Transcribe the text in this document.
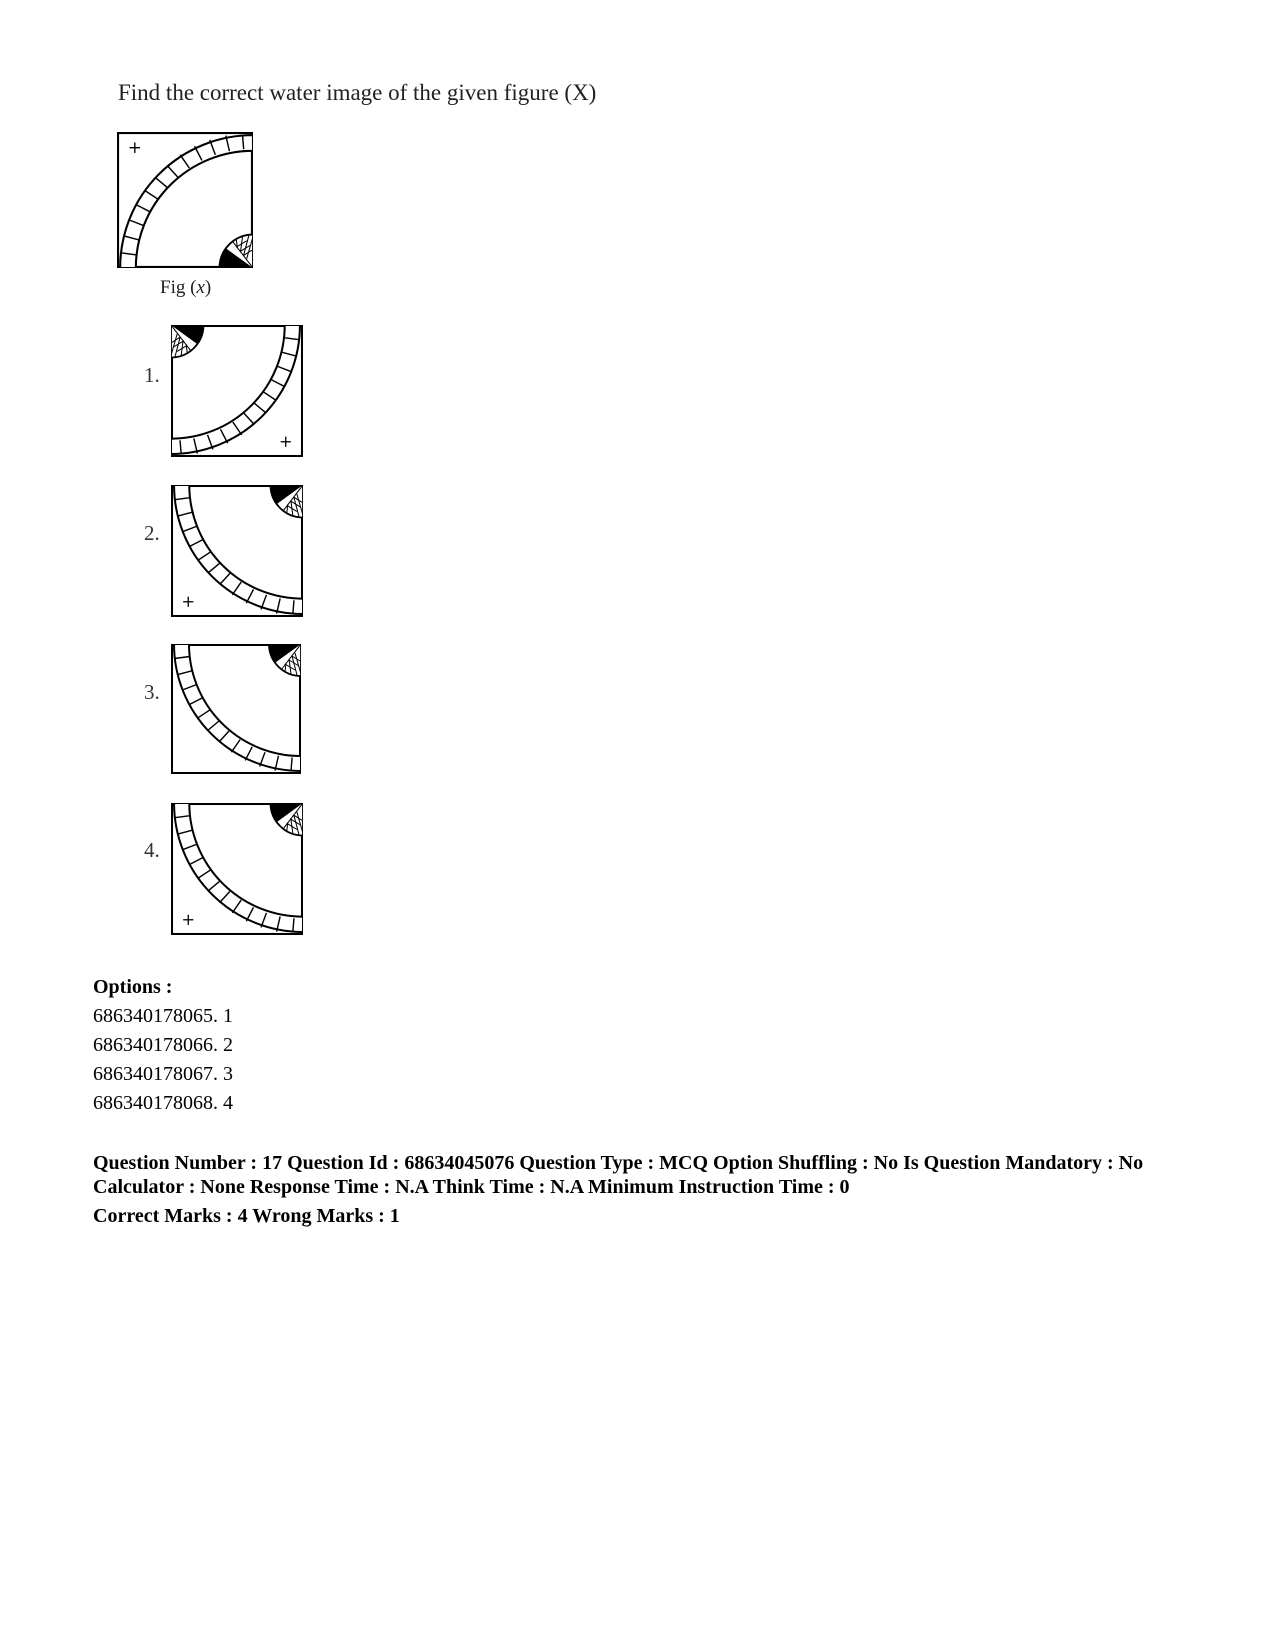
Find the correct water image of the given figure (X)
Fig (x)
1.
2.
3.
4.
Options :
686340178065. 1
686340178066. 2
686340178067. 3
686340178068. 4
Question Number : 17 Question Id : 68634045076 Question Type : MCQ Option Shuffling : No Is Question Mandatory : No Calculator : None Response Time : N.A Think Time : N.A Minimum Instruction Time : 0
Correct Marks : 4 Wrong Marks : 1
